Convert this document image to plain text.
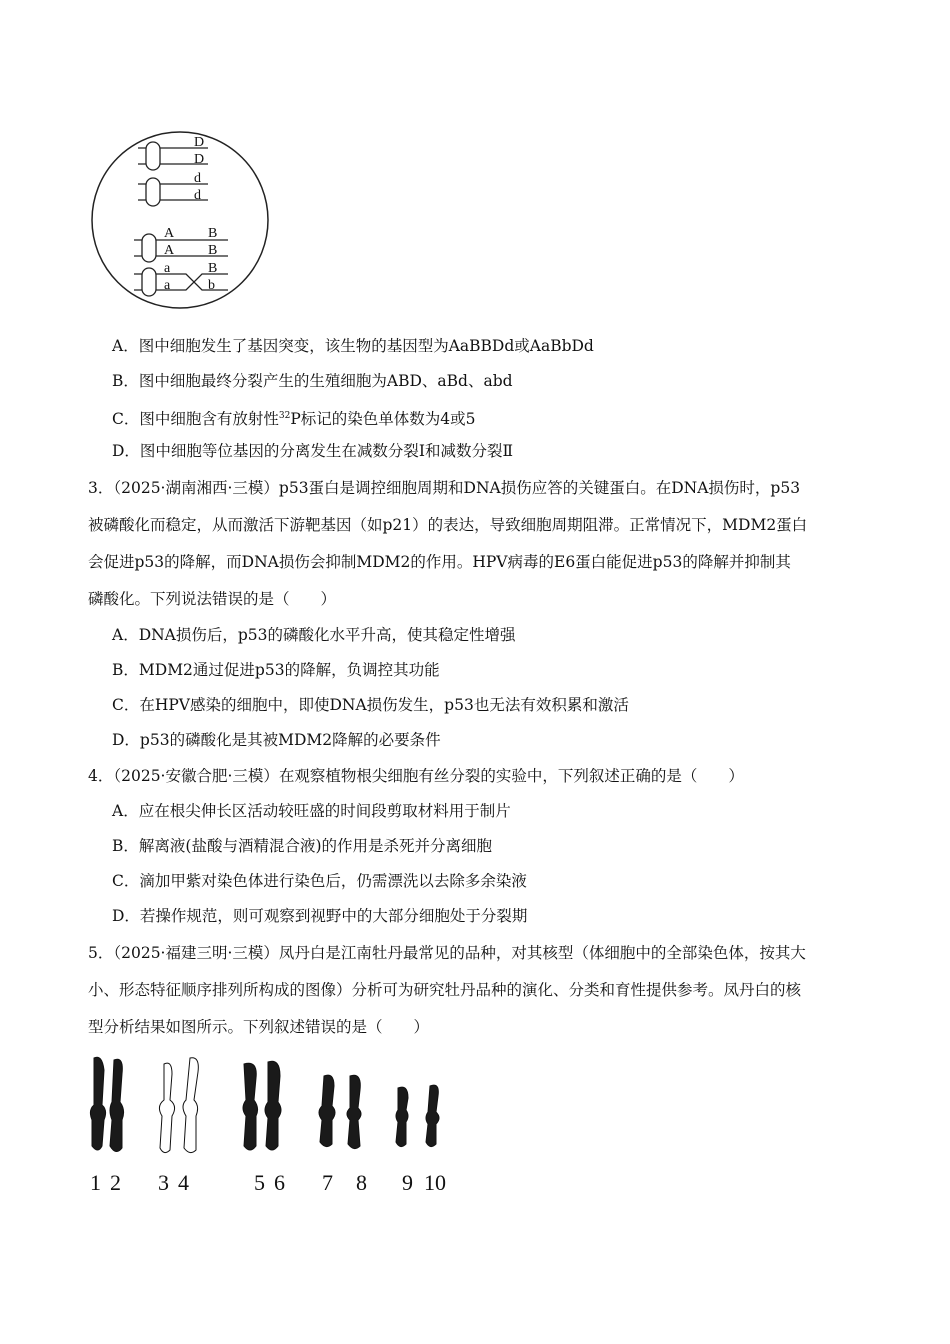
D
D
d
d
A
A
a
a
B
B
B
b
A．图中细胞发生了基因突变，该生物的基因型为AaBBDd或AaBbDd
B．图中细胞最终分裂产生的生殖细胞为ABD、aBd、abd
C．图中细胞含有放射性$^{32}$P标记的染色单体数为4或5
D．图中细胞等位基因的分离发生在减数分裂Ⅰ和减数分裂Ⅱ
3．（2025·湖南湘西·三模）p53蛋白是调控细胞周期和DNA损伤应答的关键蛋白。在DNA损伤时，p53
被磷酸化而稳定，从而激活下游靶基因（如p21）的表达，导致细胞周期阻滞。正常情况下，MDM2蛋白
会促进p53的降解，而DNA损伤会抑制MDM2的作用。HPV病毒的E6蛋白能促进p53的降解并抑制其
磷酸化。下列说法错误的是（　　）
A．DNA损伤后，p53的磷酸化水平升高，使其稳定性增强
B．MDM2通过促进p53的降解，负调控其功能
C．在HPV感染的细胞中，即使DNA损伤发生，p53也无法有效积累和激活
D．p53的磷酸化是其被MDM2降解的必要条件
4．（2025·安徽合肥·三模）在观察植物根尖细胞有丝分裂的实验中，下列叙述正确的是（　　）
A．应在根尖伸长区活动较旺盛的时间段剪取材料用于制片
B．解离液(盐酸与酒精混合液)的作用是杀死并分离细胞
C．滴加甲紫对染色体进行染色后，仍需漂洗以去除多余染液
D．若操作规范，则可观察到视野中的大部分细胞处于分裂期
5．（2025·福建三明·三模）凤丹白是江南牡丹最常见的品种，对其核型（体细胞中的全部染色体，按其大
小、形态特征顺序排列所构成的图像）分析可为研究牡丹品种的演化、分类和育性提供参考。凤丹白的核
型分析结果如图所示。下列叙述错误的是（　　）
1 2 3 4	5 6 7 8 9 10
